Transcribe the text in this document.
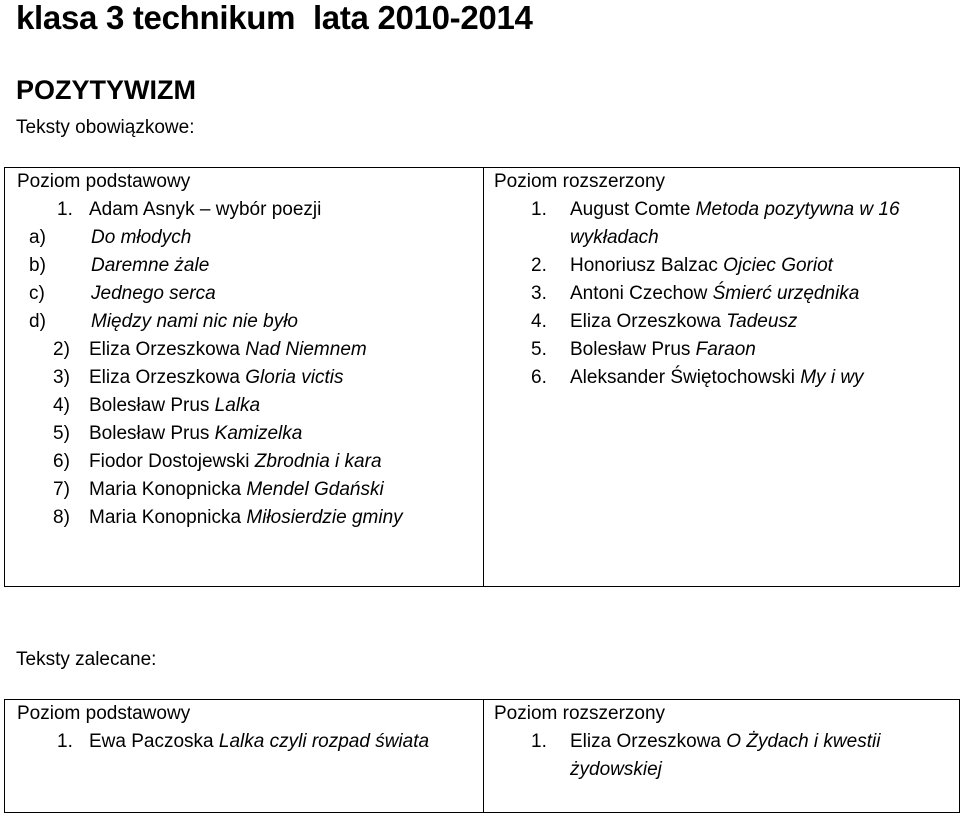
klasa 3 technikum  lata 2010-2014
POZYTYWIZM
Teksty obowiązkowe:
Poziom podstawowy
1. Adam Asnyk – wybór poezji
a) Do młodych
b) Daremne żale
c) Jednego serca
d) Między nami nic nie było
2) Eliza Orzeszkowa Nad Niemnem
3) Eliza Orzeszkowa Gloria victis
4) Bolesław Prus Lalka
5) Bolesław Prus Kamizelka
6) Fiodor Dostojewski Zbrodnia i kara
7) Maria Konopnicka Mendel Gdański
8) Maria Konopnicka Miłosierdzie gminy
Poziom rozszerzony
1. August Comte Metoda pozytywna w 16 wykładach
2. Honoriusz Balzac Ojciec Goriot
3. Antoni Czechow Śmierć urzędnika
4. Eliza Orzeszkowa Tadeusz
5. Bolesław Prus Faraon
6. Aleksander Świętochowski My i wy
Teksty zalecane:
Poziom podstawowy
1. Ewa Paczoska Lalka czyli rozpad świata
Poziom rozszerzony
1. Eliza Orzeszkowa O Żydach i kwestii żydowskiej
